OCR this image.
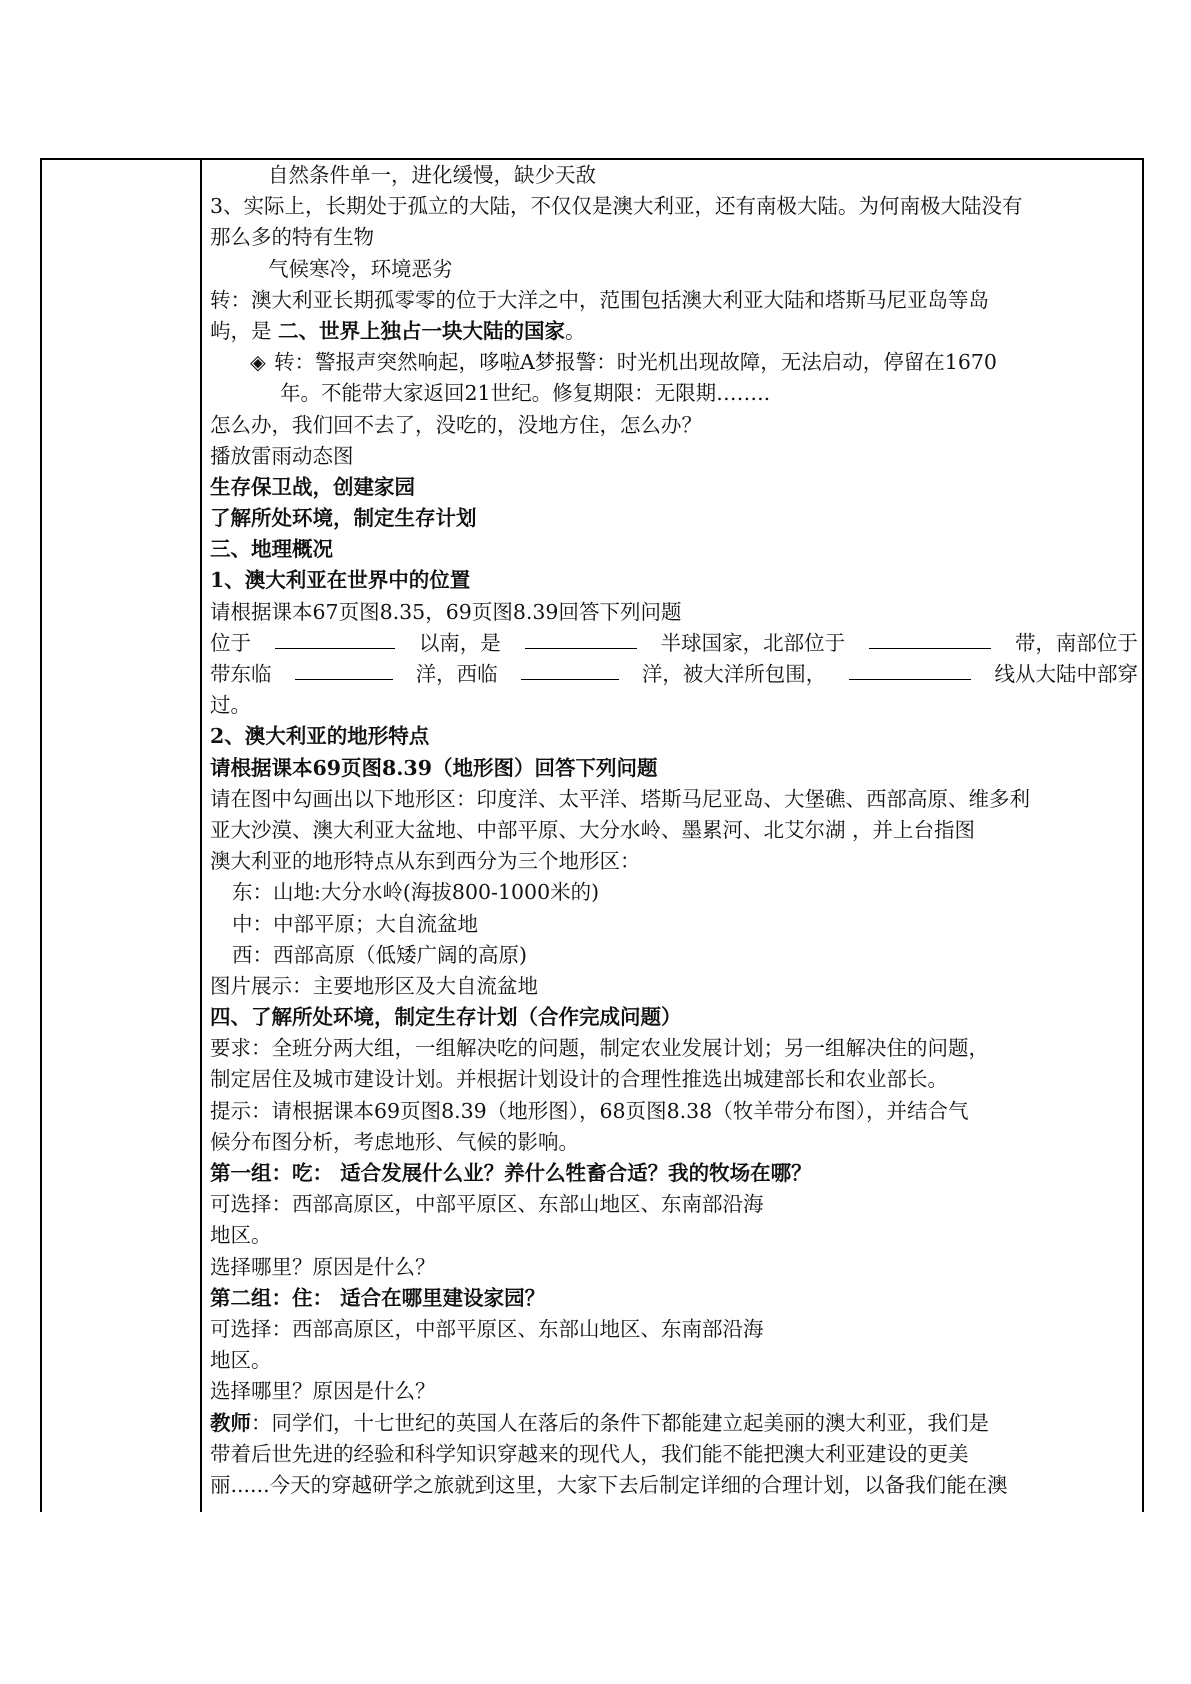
自然条件单一，进化缓慢，缺少天敌
3、实际上，长期处于孤立的大陆，不仅仅是澳大利亚，还有南极大陆。为何南极大陆没有
那么多的特有生物
气候寒冷，环境恶劣
转：澳大利亚长期孤零零的位于大洋之中，范围包括澳大利亚大陆和塔斯马尼亚岛等岛
屿，是 二、世界上独占一块大陆的国家。
◈ 转：警报声突然响起，哆啦A梦报警：时光机出现故障，无法启动，停留在1670
年。不能带大家返回21世纪。修复期限：无限期……..
怎么办，我们回不去了，没吃的，没地方住，怎么办？
播放雷雨动态图
生存保卫战，创建家园
了解所处环境，制定生存计划
三、地理概况
1、澳大利亚在世界中的位置
请根据课本67页图8.35，69页图8.39回答下列问题
位于	以南，是	半球国家，北部位于	带，南部位于
带东临	洋，西临	洋，被大洋所包围，	线从大陆中部穿
过。
2、澳大利亚的地形特点
请根据课本69页图8.39（地形图）回答下列问题
请在图中勾画出以下地形区：印度洋、太平洋、塔斯马尼亚岛、大堡礁、西部高原、维多利
亚大沙漠、澳大利亚大盆地、中部平原、大分水岭、墨累河、北艾尔湖 ，并上台指图
澳大利亚的地形特点从东到西分为三个地形区：
东：山地:大分水岭(海拔800-1000米的)
中：中部平原；大自流盆地
西：西部高原（低矮广阔的高原)
图片展示：主要地形区及大自流盆地
四、了解所处环境，制定生存计划（合作完成问题）
要求：全班分两大组，一组解决吃的问题，制定农业发展计划；另一组解决住的问题，
制定居住及城市建设计划。并根据计划设计的合理性推选出城建部长和农业部长。
提示：请根据课本69页图8.39（地形图），68页图8.38（牧羊带分布图），并结合气
候分布图分析，考虑地形、气候的影响。
第一组：吃： 适合发展什么业？养什么牲畜合适？我的牧场在哪？
可选择：西部高原区，中部平原区、东部山地区、东南部沿海
地区。
选择哪里？原因是什么？
第二组：住： 适合在哪里建设家园？
可选择：西部高原区，中部平原区、东部山地区、东南部沿海
地区。
选择哪里？原因是什么？
教师：同学们，十七世纪的英国人在落后的条件下都能建立起美丽的澳大利亚，我们是
带着后世先进的经验和科学知识穿越来的现代人，我们能不能把澳大利亚建设的更美
丽......今天的穿越研学之旅就到这里，大家下去后制定详细的合理计划，以备我们能在澳
